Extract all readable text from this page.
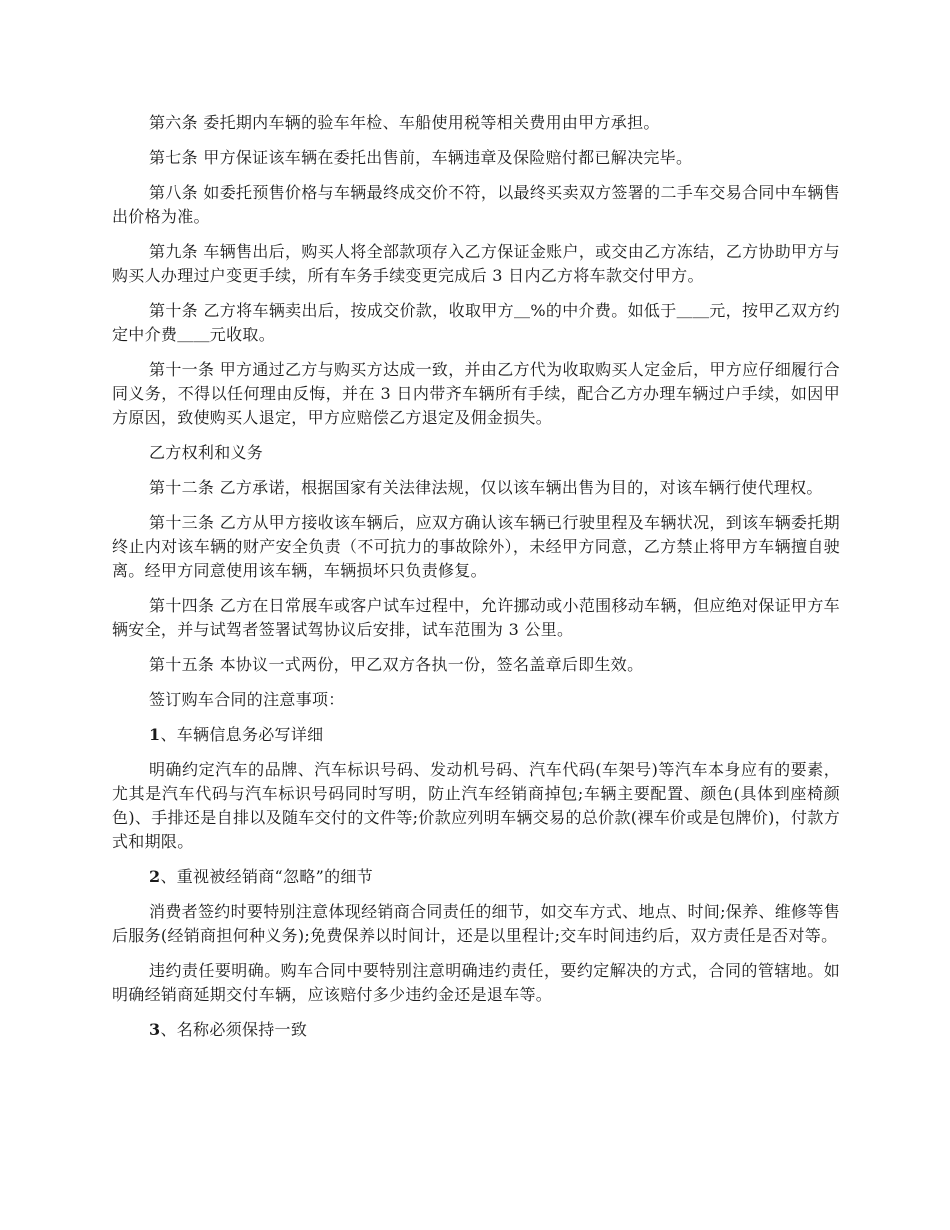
第六条 委托期内车辆的验车年检、车船使用税等相关费用由甲方承担。

第七条 甲方保证该车辆在委托出售前，车辆违章及保险赔付都已解决完毕。

第八条 如委托预售价格与车辆最终成交价不符，以最终买卖双方签署的二手车交易合同中车辆售出价格为准。

第九条 车辆售出后，购买人将全部款项存入乙方保证金账户，或交由乙方冻结，乙方协助甲方与购买人办理过户变更手续，所有车务手续变更完成后 3 日内乙方将车款交付甲方。

第十条 乙方将车辆卖出后，按成交价款，收取甲方＿%的中介费。如低于＿＿元，按甲乙双方约定中介费＿＿元收取。

第十一条 甲方通过乙方与购买方达成一致，并由乙方代为收取购买人定金后，甲方应仔细履行合同义务，不得以任何理由反悔，并在 3 日内带齐车辆所有手续，配合乙方办理车辆过户手续，如因甲方原因，致使购买人退定，甲方应赔偿乙方退定及佣金损失。

乙方权利和义务

第十二条 乙方承诺，根据国家有关法律法规，仅以该车辆出售为目的，对该车辆行使代理权。

第十三条 乙方从甲方接收该车辆后，应双方确认该车辆已行驶里程及车辆状况，到该车辆委托期终止内对该车辆的财产安全负责（不可抗力的事故除外），未经甲方同意，乙方禁止将甲方车辆擅自驶离。经甲方同意使用该车辆，车辆损坏只负责修复。

第十四条 乙方在日常展车或客户试车过程中，允许挪动或小范围移动车辆，但应绝对保证甲方车辆安全，并与试驾者签署试驾协议后安排，试车范围为 3 公里。

第十五条 本协议一式两份，甲乙双方各执一份，签名盖章后即生效。

签订购车合同的注意事项：

1、车辆信息务必写详细

明确约定汽车的品牌、汽车标识号码、发动机号码、汽车代码(车架号)等汽车本身应有的要素，尤其是汽车代码与汽车标识号码同时写明，防止汽车经销商掉包;车辆主要配置、颜色(具体到座椅颜色)、手排还是自排以及随车交付的文件等;价款应列明车辆交易的总价款(裸车价或是包牌价)，付款方式和期限。

2、重视被经销商“忽略”的细节

消费者签约时要特别注意体现经销商合同责任的细节，如交车方式、地点、时间;保养、维修等售后服务(经销商担何种义务);免费保养以时间计，还是以里程计;交车时间违约后，双方责任是否对等。

违约责任要明确。购车合同中要特别注意明确违约责任，要约定解决的方式，合同的管辖地。如明确经销商延期交付车辆，应该赔付多少违约金还是退车等。

3、名称必须保持一致
